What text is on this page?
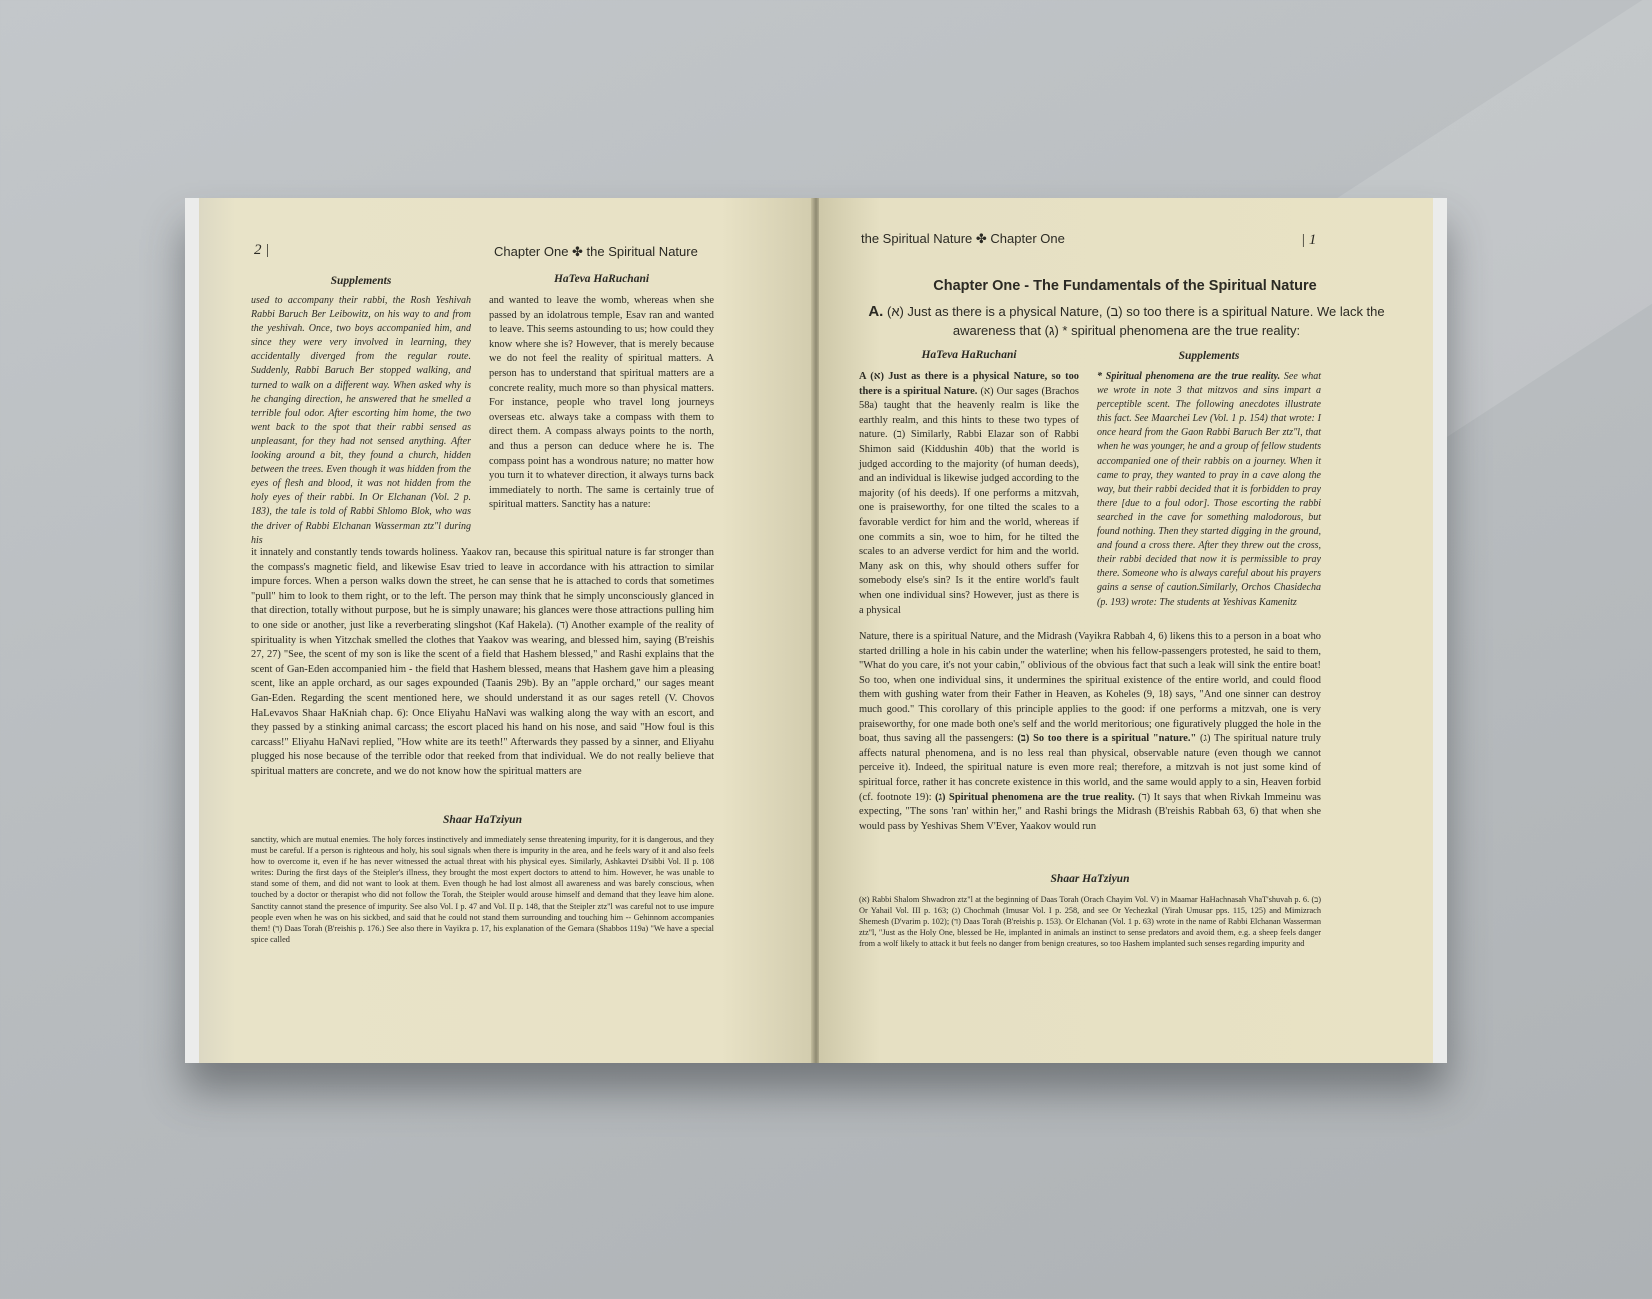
2 |	Chapter One ✤ the Spiritual Nature
Supplements	HaTeva HaRuchani
used to accompany their rabbi, the Rosh Yeshivah Rabbi Baruch Ber Leibowitz, on his way to and from the yeshivah. Once, two boys accompanied him, and since they were very involved in learning, they accidentally diverged from the regular route. Suddenly, Rabbi Baruch Ber stopped walking, and turned to walk on a different way. When asked why is he changing direction, he answered that he smelled a terrible foul odor. After escorting him home, the two went back to the spot that their rabbi sensed as unpleasant, for they had not sensed anything. After looking around a bit, they found a church, hidden between the trees. Even though it was hidden from the eyes of flesh and blood, it was not hidden from the holy eyes of their rabbi. In Or Elchanan (Vol. 2 p. 183), the tale is told of Rabbi Shlomo Blok, who was the driver of Rabbi Elchanan Wasserman ztz"l during his
and wanted to leave the womb, whereas when she passed by an idolatrous temple, Esav ran and wanted to leave. This seems astounding to us; how could they know where she is? However, that is merely because we do not feel the reality of spiritual matters. A person has to understand that spiritual matters are a concrete reality, much more so than physical matters. For instance, people who travel long journeys overseas etc. always take a compass with them to direct them. A compass always points to the north, and thus a person can deduce where he is. The compass point has a wondrous nature; no matter how you turn it to whatever direction, it always turns back immediately to north. The same is certainly true of spiritual matters. Sanctity has a nature:
it innately and constantly tends towards holiness. Yaakov ran, because this spiritual nature is far stronger than the compass's magnetic field, and likewise Esav tried to leave in accordance with his attraction to similar impure forces. When a person walks down the street, he can sense that he is attached to cords that sometimes "pull" him to look to them right, or to the left. The person may think that he simply unconsciously glanced in that direction, totally without purpose, but he is simply unaware; his glances were those attractions pulling him to one side or another, just like a reverberating slingshot (Kaf Hakela). (ד) Another example of the reality of spirituality is when Yitzchak smelled the clothes that Yaakov was wearing, and blessed him, saying (B'reishis 27, 27) "See, the scent of my son is like the scent of a field that Hashem blessed," and Rashi explains that the scent of Gan-Eden accompanied him - the field that Hashem blessed, means that Hashem gave him a pleasing scent, like an apple orchard, as our sages expounded (Taanis 29b). By an "apple orchard," our sages meant Gan-Eden. Regarding the scent mentioned here, we should understand it as our sages retell (V. Chovos HaLevavos Shaar HaKniah chap. 6): Once Eliyahu HaNavi was walking along the way with an escort, and they passed by a stinking animal carcass; the escort placed his hand on his nose, and said "How foul is this carcass!" Eliyahu HaNavi replied, "How white are its teeth!" Afterwards they passed by a sinner, and Eliyahu plugged his nose because of the terrible odor that reeked from that individual. We do not really believe that spiritual matters are concrete, and we do not know how the spiritual matters are
Shaar HaTziyun
sanctity, which are mutual enemies. The holy forces instinctively and immediately sense threatening impurity, for it is dangerous, and they must be careful. If a person is righteous and holy, his soul signals when there is impurity in the area, and he feels wary of it and also feels how to overcome it, even if he has never witnessed the actual threat with his physical eyes. Similarly, Ashkavtei D'sibbi Vol. II p. 108 writes: During the first days of the Steipler's illness, they brought the most expert doctors to attend to him. However, he was unable to stand some of them, and did not want to look at them. Even though he had lost almost all awareness and was barely conscious, when touched by a doctor or therapist who did not follow the Torah, the Steipler would arouse himself and demand that they leave him alone. Sanctity cannot stand the presence of impurity. See also Vol. I p. 47 and Vol. II p. 148, that the Steipler ztz"l was careful not to use impure people even when he was on his sickbed, and said that he could not stand them surrounding and touching him -- Gehinnom accompanies them! (ד) Daas Torah (B'reishis p. 176.) See also there in Vayikra p. 17, his explanation of the Gemara (Shabbos 119a) "We have a special spice called
the Spiritual Nature ✤ Chapter One	| 1
Chapter One - The Fundamentals of the Spiritual Nature
A. (א) Just as there is a physical Nature, (ב) so too there is a spiritual Nature. We lack the awareness that (ג) * spiritual phenomena are the true reality:
HaTeva HaRuchani	Supplements
A (א) Just as there is a physical Nature, so too there is a spiritual Nature. (א) Our sages (Brachos 58a) taught that the heavenly realm is like the earthly realm, and this hints to these two types of nature. (ב) Similarly, Rabbi Elazar son of Rabbi Shimon said (Kiddushin 40b) that the world is judged according to the majority (of human deeds), and an individual is likewise judged according to the majority (of his deeds). If one performs a mitzvah, one is praiseworthy, for one tilted the scales to a favorable verdict for him and the world, whereas if one commits a sin, woe to him, for he tilted the scales to an adverse verdict for him and the world. Many ask on this, why should others suffer for somebody else's sin? Is it the entire world's fault when one individual sins? However, just as there is a physical
* Spiritual phenomena are the true reality. See what we wrote in note 3 that mitzvos and sins impart a perceptible scent. The following anecdotes illustrate this fact. See Maarchei Lev (Vol. 1 p. 154) that wrote: I once heard from the Gaon Rabbi Baruch Ber ztz"l, that when he was younger, he and a group of fellow students accompanied one of their rabbis on a journey. When it came to pray, they wanted to pray in a cave along the way, but their rabbi decided that it is forbidden to pray there [due to a foul odor]. Those escorting the rabbi searched in the cave for something malodorous, but found nothing. Then they started digging in the ground, and found a cross there. After they threw out the cross, their rabbi decided that now it is permissible to pray there. Someone who is always careful about his prayers gains a sense of caution.Similarly, Orchos Chasidecha (p. 193) wrote: The students at Yeshivas Kamenitz
Nature, there is a spiritual Nature, and the Midrash (Vayikra Rabbah 4, 6) likens this to a person in a boat who started drilling a hole in his cabin under the waterline; when his fellow-passengers protested, he said to them, "What do you care, it's not your cabin," oblivious of the obvious fact that such a leak will sink the entire boat! So too, when one individual sins, it undermines the spiritual existence of the entire world, and could flood them with gushing water from their Father in Heaven, as Koheles (9, 18) says, "And one sinner can destroy much good." This corollary of this principle applies to the good: if one performs a mitzvah, one is very praiseworthy, for one made both one's self and the world meritorious; one figuratively plugged the hole in the boat, thus saving all the passengers: (ב) So too there is a spiritual "nature." (ג) The spiritual nature truly affects natural phenomena, and is no less real than physical, observable nature (even though we cannot perceive it). Indeed, the spiritual nature is even more real; therefore, a mitzvah is not just some kind of spiritual force, rather it has concrete existence in this world, and the same would apply to a sin, Heaven forbid (cf. footnote 19): (ג) Spiritual phenomena are the true reality. (ד) It says that when Rivkah Immeinu was expecting, "The sons 'ran' within her," and Rashi brings the Midrash (B'reishis Rabbah 63, 6) that when she would pass by Yeshivas Shem V'Ever, Yaakov would run
Shaar HaTziyun
(א) Rabbi Shalom Shwadron ztz"l at the beginning of Daas Torah (Orach Chayim Vol. V) in Maamar HaHachnasah VhaT'shuvah p. 6. (ב) Or Yahail Vol. III p. 163; (ג) Chochmah (Imusar Vol. I p. 258, and see Or Yechezkal (Yirah Umusar pps. 115, 125) and Mimizrach Shemesh (D'varim p. 102); (ד) Daas Torah (B'reishis p. 153). Or Elchanan (Vol. 1 p. 63) wrote in the name of Rabbi Elchanan Wasserman ztz"l, "Just as the Holy One, blessed be He, implanted in animals an instinct to sense predators and avoid them, e.g. a sheep feels danger from a wolf likely to attack it but feels no danger from benign creatures, so too Hashem implanted such senses regarding impurity and
